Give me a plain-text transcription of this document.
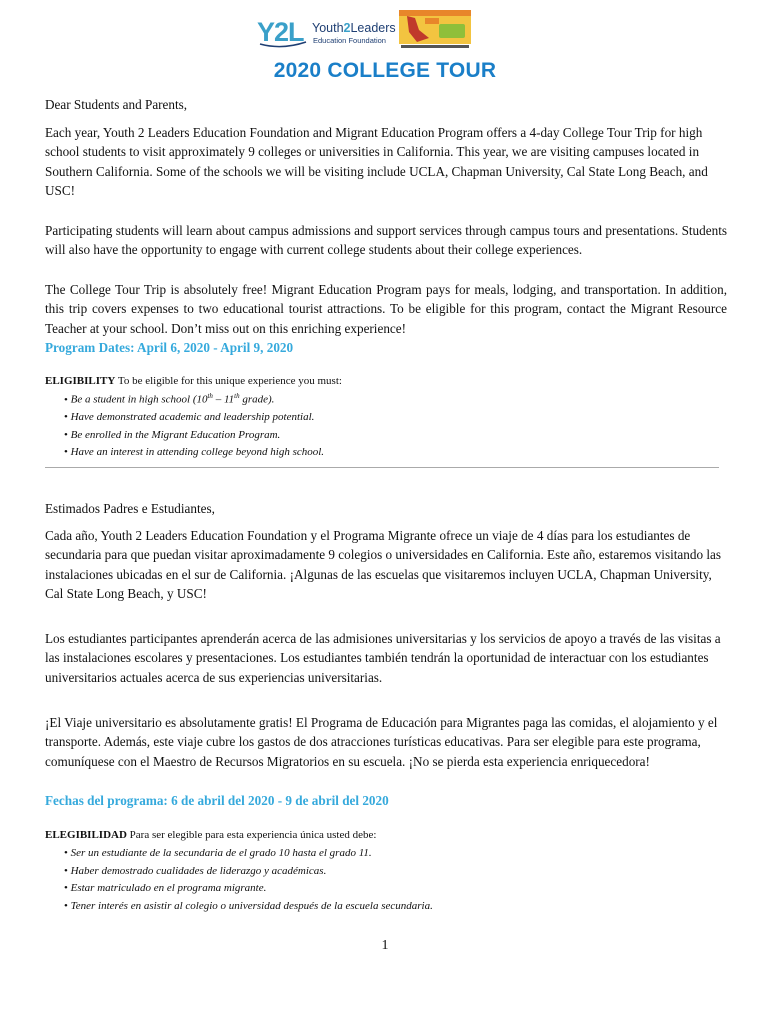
Y2L Youth2Leaders
Education Foundation
2020 COLLEGE TOUR

Dear Students and Parents,

Each year, Youth 2 Leaders Education Foundation and Migrant Education Program offers a 4-day College Tour Trip for high school students to visit approximately 9 colleges or universities in California. This year, we are visiting campuses located in Southern California. Some of the schools we will be visiting include UCLA, Chapman University, Cal State Long Beach, and USC!

Participating students will learn about campus admissions and support services through campus tours and presentations. Students will also have the opportunity to engage with current college students about their college experiences.

The College Tour Trip is absolutely free! Migrant Education Program pays for meals, lodging, and transportation. In addition, this trip covers expenses to two educational tourist attractions. To be eligible for this program, contact the Migrant Resource Teacher at your school. Don’t miss out on this enriching experience!

Program Dates: April 6, 2020 - April 9, 2020
ELIGIBILITY To be eligible for this unique experience you must:
• Be a student in high school (10th – 11th grade).
• Have demonstrated academic and leadership potential.
• Be enrolled in the Migrant Education Program.
• Have an interest in attending college beyond high school.

Estimados Padres e Estudiantes,

Cada año, Youth 2 Leaders Education Foundation y el Programa Migrante ofrece un viaje de 4 días para los estudiantes de secundaria para que puedan visitar aproximadamente 9 colegios o universidades en California. Este año, estaremos visitando las instalaciones ubicadas en el sur de California. ¡Algunas de las escuelas que visitaremos incluyen UCLA, Chapman University, Cal State Long Beach, y USC!

Los estudiantes participantes aprenderán acerca de las admisiones universitarias y los servicios de apoyo a través de las visitas a las instalaciones escolares y presentaciones. Los estudiantes también tendrán la oportunidad de interactuar con los estudiantes universitarios actuales acerca de sus experiencias universitarias.

¡El Viaje universitario es absolutamente gratis! El Programa de Educación para Migrantes paga las comidas, el alojamiento y el transporte. Además, este viaje cubre los gastos de dos atracciones turísticas educativas. Para ser elegible para este programa, comuníquese con el Maestro de Recursos Migratorios en su escuela. ¡No se pierda esta experiencia enriquecedora!

Fechas del programa: 6 de abril del 2020 - 9 de abril del 2020
ELEGIBILIDAD Para ser elegible para esta experiencia única usted debe:
• Ser un estudiante de la secundaria de el grado 10 hasta el grado 11.
• Haber demostrado cualidades de liderazgo y académicas.
• Estar matriculado en el programa migrante.
• Tener interés en asistir al colegio o universidad después de la escuela secundaria.
1
